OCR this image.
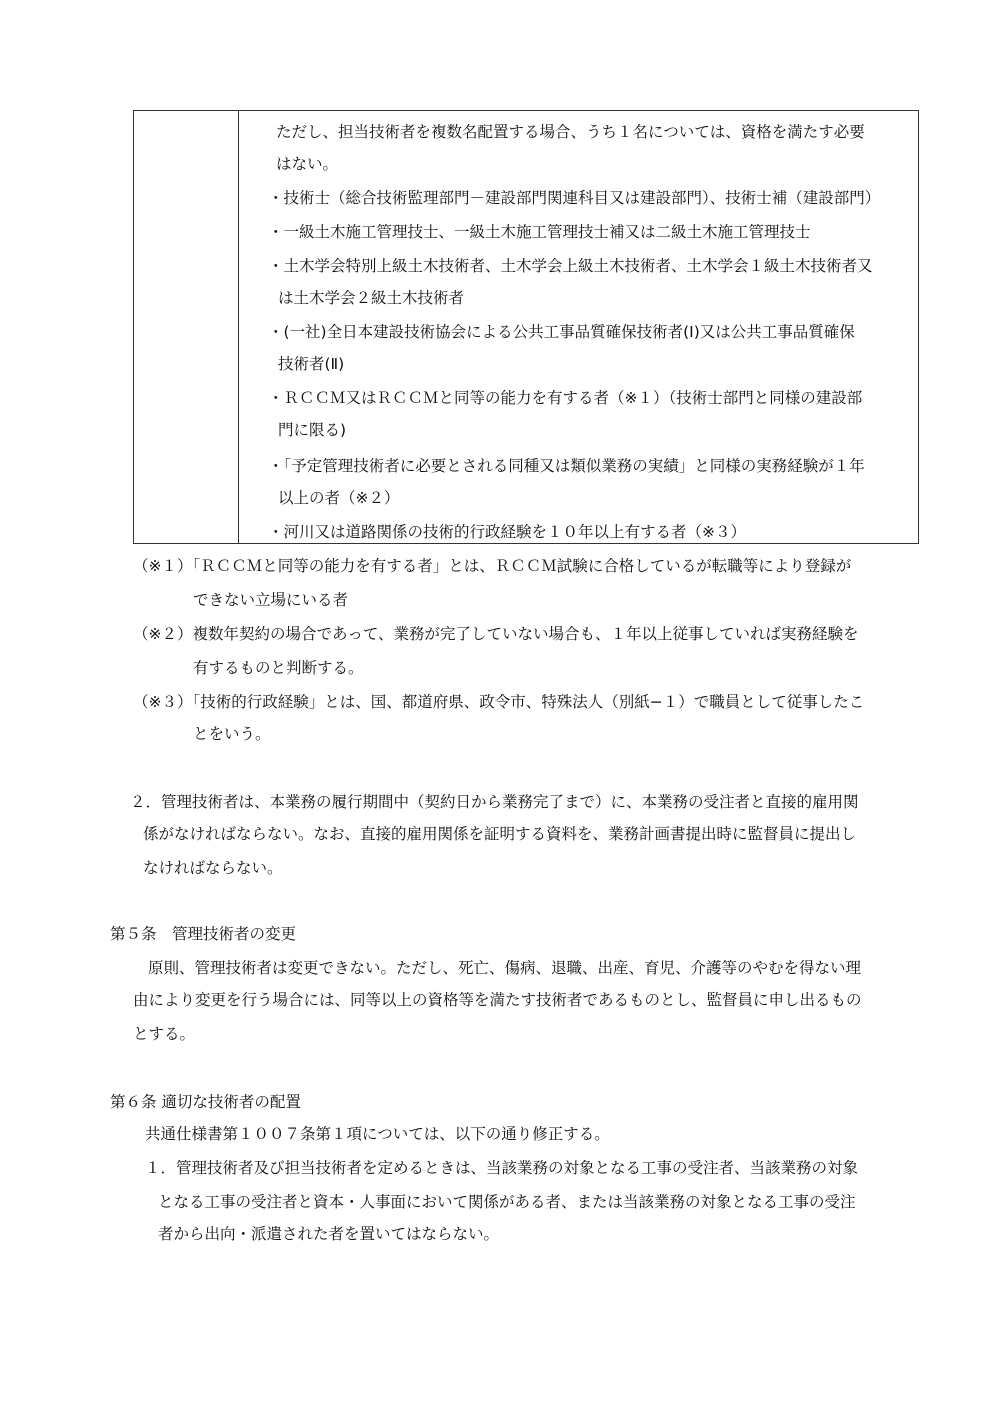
ただし、担当技術者を複数名配置する場合、うち１名については、資格を満たす必要
はない。
・技術士（総合技術監理部門－建設部門関連科目又は建設部門）、技術士補（建設部門）
・一級土木施工管理技士、一級土木施工管理技士補又は二級土木施工管理技士
・土木学会特別上級土木技術者、土木学会上級土木技術者、土木学会１級土木技術者又
は土木学会２級土木技術者
・(一社)全日本建設技術協会による公共工事品質確保技術者(Ⅰ)又は公共工事品質確保
技術者(Ⅱ)
・ＲＣＣＭ又はＲＣＣＭと同等の能力を有する者（※１）（技術士部門と同様の建設部
門に限る)
・「予定管理技術者に必要とされる同種又は類似業務の実績」と同様の実務経験が１年
以上の者（※２）
・河川又は道路関係の技術的行政経験を１０年以上有する者（※３）
（※１）「ＲＣＣＭと同等の能力を有する者」とは、ＲＣＣＭ試験に合格しているが転職等により登録が
できない立場にいる者
（※２）複数年契約の場合であって、業務が完了していない場合も、１年以上従事していれば実務経験を
有するものと判断する。
（※３）「技術的行政経験」とは、国、都道府県、政令市、特殊法人（別紙−１）で職員として従事したこ
とをいう。
２．管理技術者は、本業務の履行期間中（契約日から業務完了まで）に、本業務の受注者と直接的雇用関
係がなければならない。なお、直接的雇用関係を証明する資料を、業務計画書提出時に監督員に提出し
なければならない。
第５条　管理技術者の変更
原則、管理技術者は変更できない。ただし、死亡、傷病、退職、出産、育児、介護等のやむを得ない理
由により変更を行う場合には、同等以上の資格等を満たす技術者であるものとし、監督員に申し出るもの
とする。
第６条 適切な技術者の配置
共通仕様書第１００７条第１項については、以下の通り修正する。
１．管理技術者及び担当技術者を定めるときは、当該業務の対象となる工事の受注者、当該業務の対象
となる工事の受注者と資本・人事面において関係がある者、または当該業務の対象となる工事の受注
者から出向・派遣された者を置いてはならない。
